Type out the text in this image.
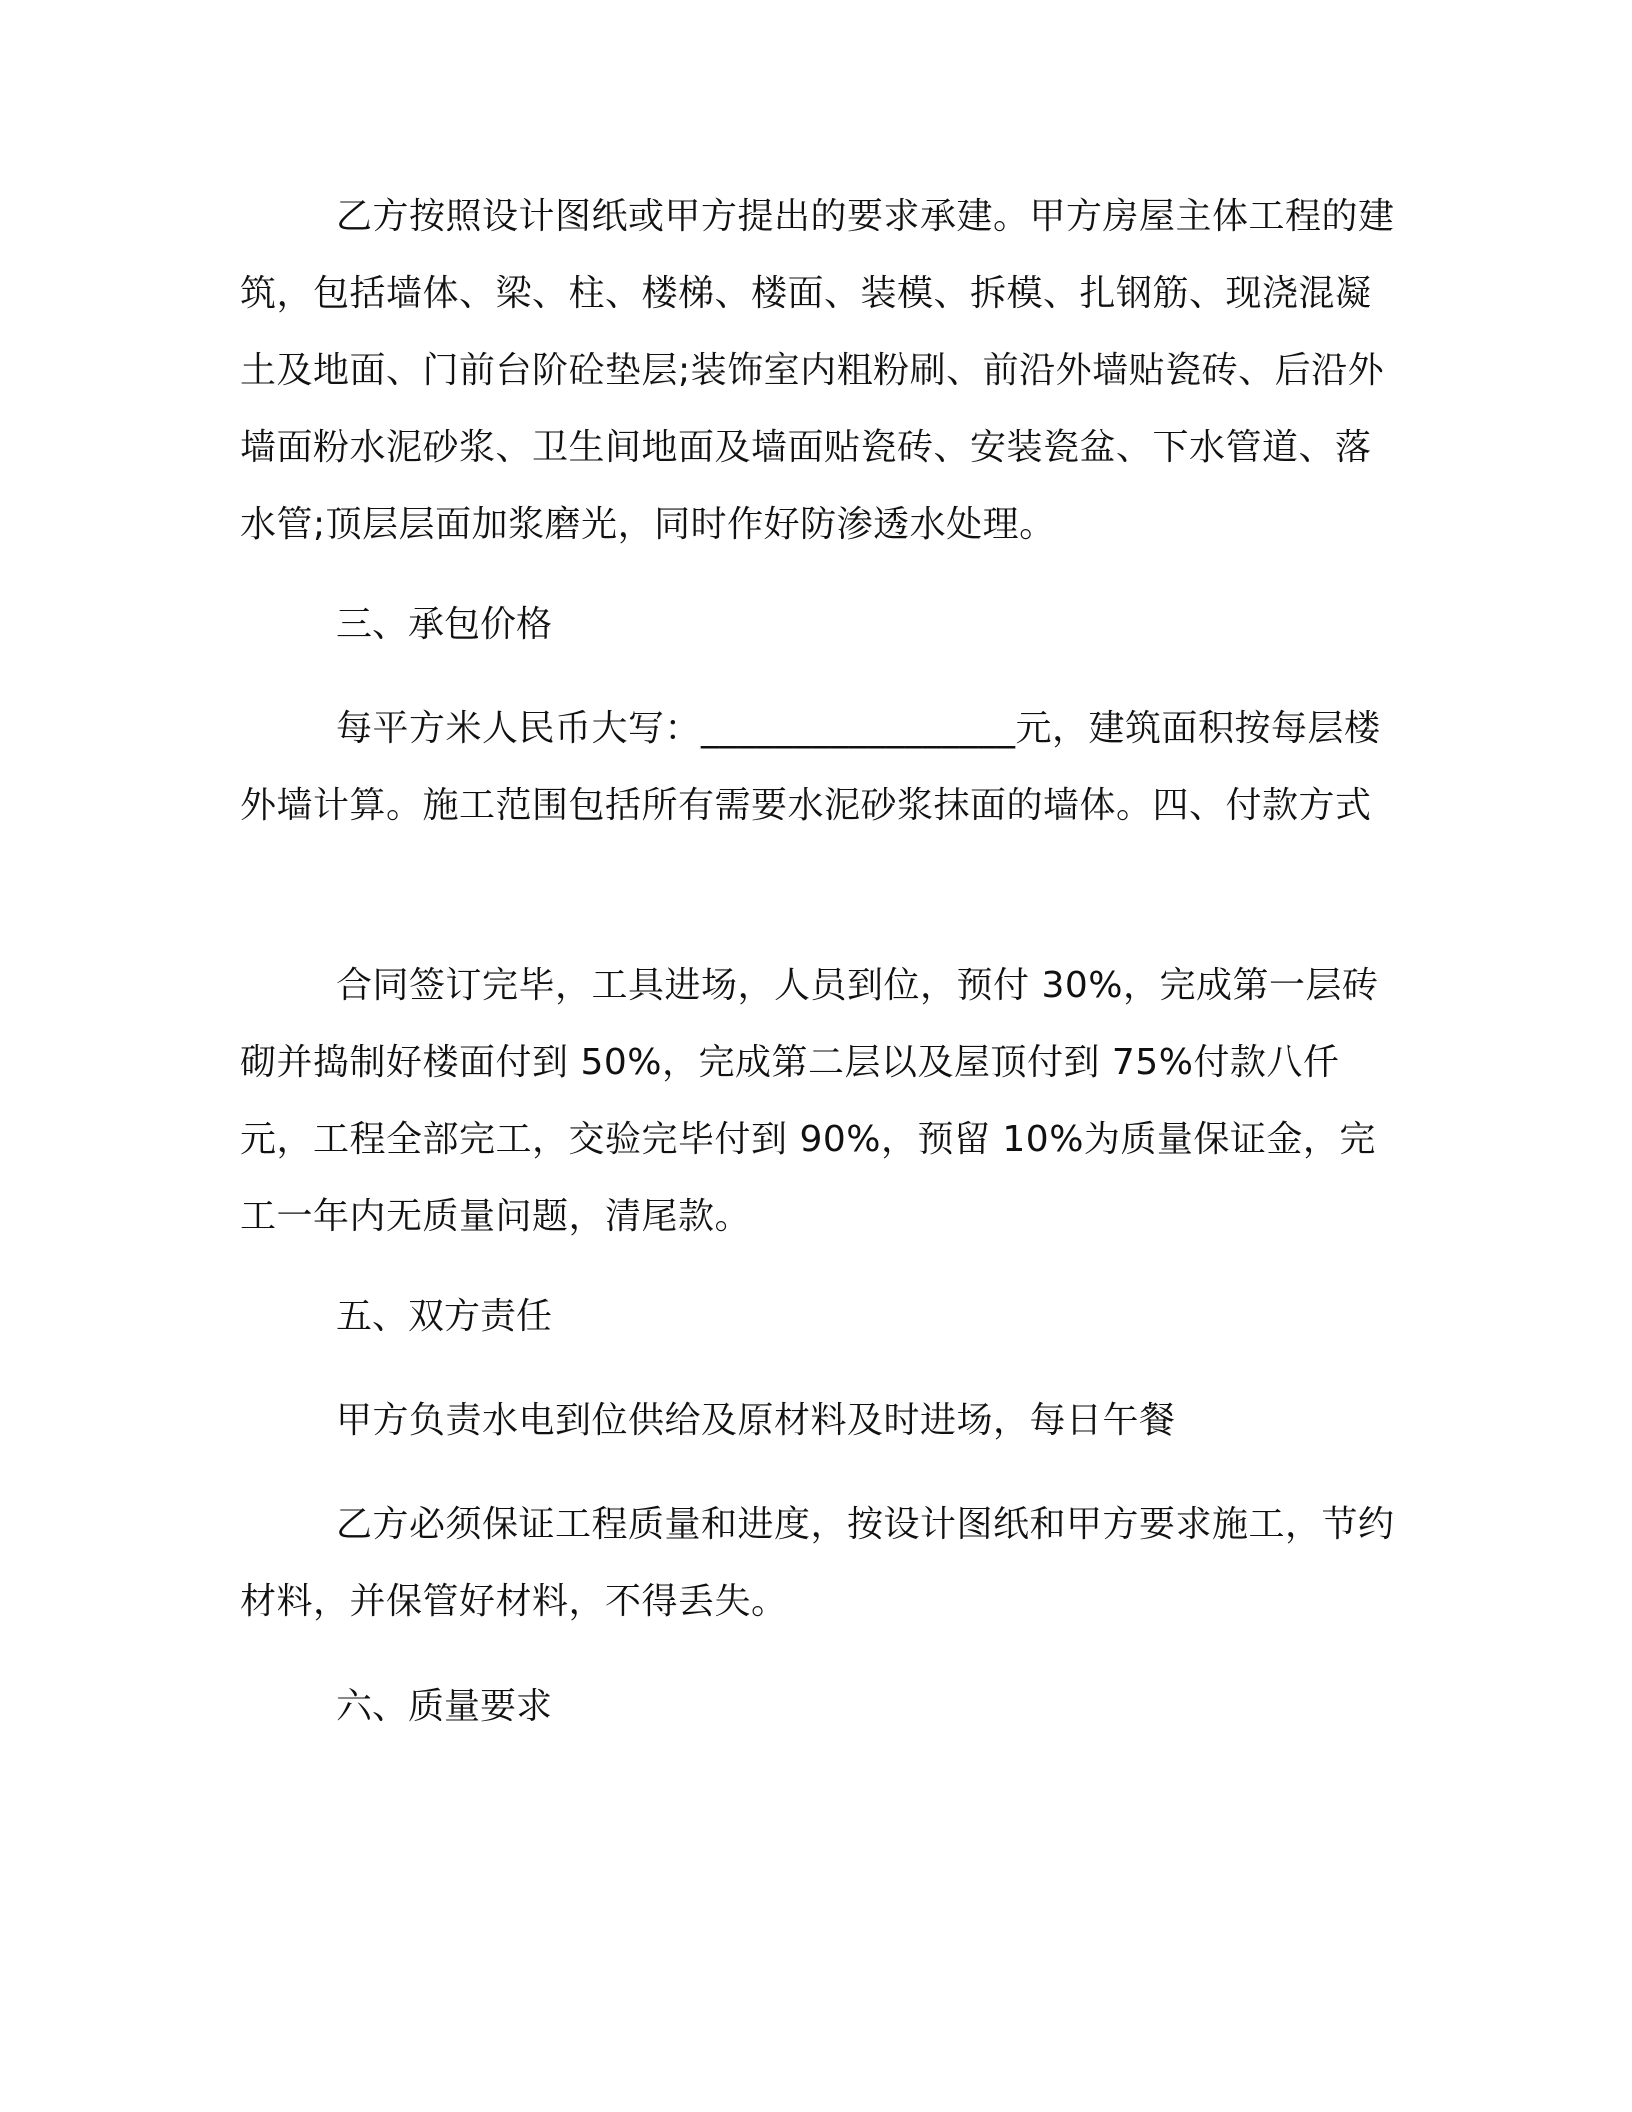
乙方按照设计图纸或甲方提出的要求承建。甲方房屋主体工程的建筑，包括墙体、梁、柱、楼梯、楼面、装模、拆模、扎钢筋、现浇混凝土及地面、门前台阶砼垫层;装饰室内粗粉刷、前沿外墙贴瓷砖、后沿外墙面粉水泥砂浆、卫生间地面及墙面贴瓷砖、安装瓷盆、下水管道、落水管;顶层层面加浆磨光，同时作好防渗透水处理。

三、承包价格

每平方米人民币大写：_________________元，建筑面积按每层楼外墙计算。施工范围包括所有需要水泥砂浆抹面的墙体。四、付款方式

合同签订完毕，工具进场，人员到位，预付 30%，完成第一层砖砌并捣制好楼面付到 50%，完成第二层以及屋顶付到 75%付款八仟元，工程全部完工，交验完毕付到 90%，预留 10%为质量保证金，完工一年内无质量问题，清尾款。

五、双方责任

甲方负责水电到位供给及原材料及时进场，每日午餐

乙方必须保证工程质量和进度，按设计图纸和甲方要求施工，节约材料，并保管好材料，不得丢失。

六、质量要求
